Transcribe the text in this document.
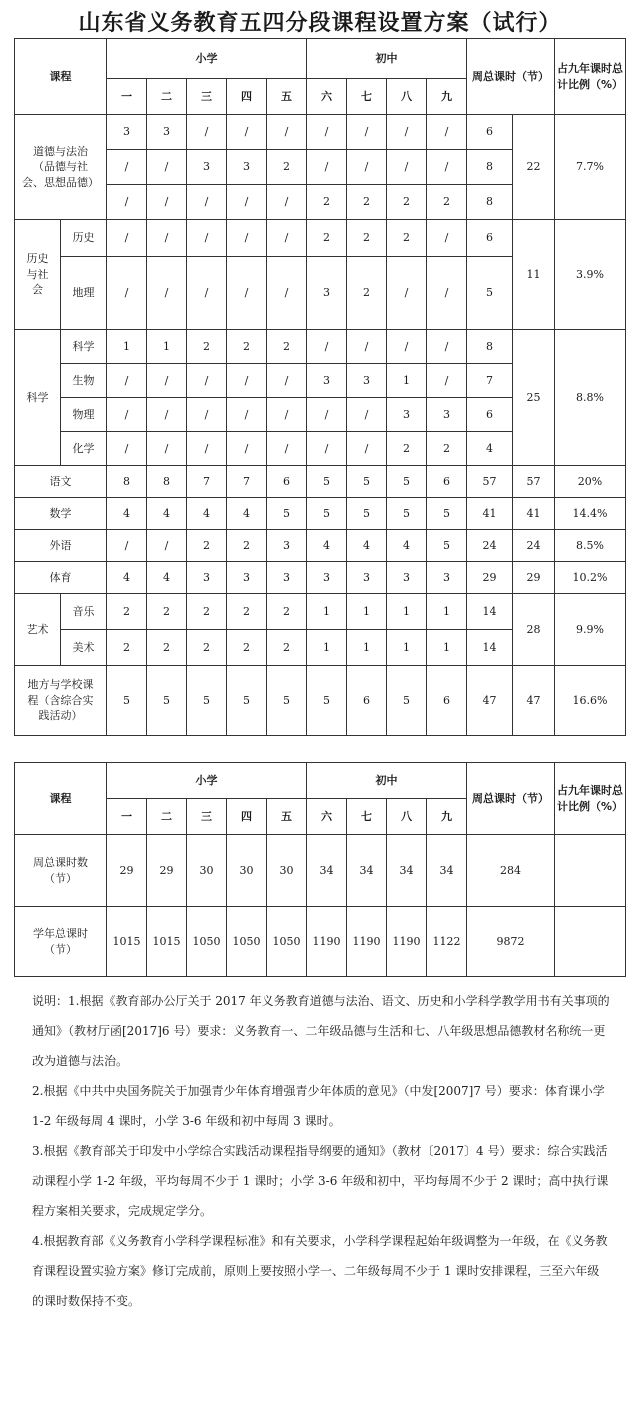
山东省义务教育五四分段课程设置方案（试行）
课程		小学					初中				周总课时（节）		占九年课时总计比例（%）
		一	二	三	四	五	六	七	八	九			
道德与法治
（品德与社
会、思想品德）		3	3	/	/	/	/	/	/	/	6	22	7.7%
		/	/	3	3	2	/	/	/	/	8		
		/	/	/	/	/	2	2	2	2	8		
历史
与社
会	历史	/	/	/	/	/	2	2	2	/	6	11	3.9%
	地理	/	/	/	/	/	3	2	/	/	5		
科学	科学	1	1	2	2	2	/	/	/	/	8	25	8.8%
	生物	/	/	/	/	/	3	3	1	/	7		
	物理	/	/	/	/	/	/	/	3	3	6		
	化学	/	/	/	/	/	/	/	2	2	4		
语文		8	8	7	7	6	5	5	5	6	57	57	20%
数学		4	4	4	4	5	5	5	5	5	41	41	14.4%
外语		/	/	2	2	3	4	4	4	5	24	24	8.5%
体育		4	4	3	3	3	3	3	3	3	29	29	10.2%
艺术	音乐	2	2	2	2	2	1	1	1	1	14	28	9.9%
	美术	2	2	2	2	2	1	1	1	1	14		
地方与学校课
程（含综合实
践活动）		5	5	5	5	5	5	6	5	6	47	47	16.6%
课程	小学					初中				周总课时（节）	占九年课时总计比例（%）
	一	二	三	四	五	六	七	八	九		
周总课时数
（节）	29	29	30	30	30	34	34	34	34	284	
学年总课时
（节）	1015	1015	1050	1050	1050	1190	1190	1190	1122	9872	

说明：1.根据《教育部办公厅关于 2017 年义务教育道德与法治、语文、历史和小学科学教学用书有关事项的通知》（教材厅函[2017]6 号）要求：义务教育一、二年级品德与生活和七、八年级思想品德教材名称统一更改为道德与法治。

2.根据《中共中央国务院关于加强青少年体育增强青少年体质的意见》（中发[2007]7 号）要求：体育课小学 1-2 年级每周 4 课时，小学 3-6 年级和初中每周 3 课时。

3.根据《教育部关于印发中小学综合实践活动课程指导纲要的通知》（教材〔2017〕4 号）要求：综合实践活动课程小学 1-2 年级，平均每周不少于 1 课时；小学 3-6 年级和初中，平均每周不少于 2 课时；高中执行课程方案相关要求，完成规定学分。

4.根据教育部《义务教育小学科学课程标准》和有关要求，小学科学课程起始年级调整为一年级，在《义务教育课程设置实验方案》修订完成前，原则上要按照小学一、二年级每周不少于 1 课时安排课程，三至六年级的课时数保持不变。
